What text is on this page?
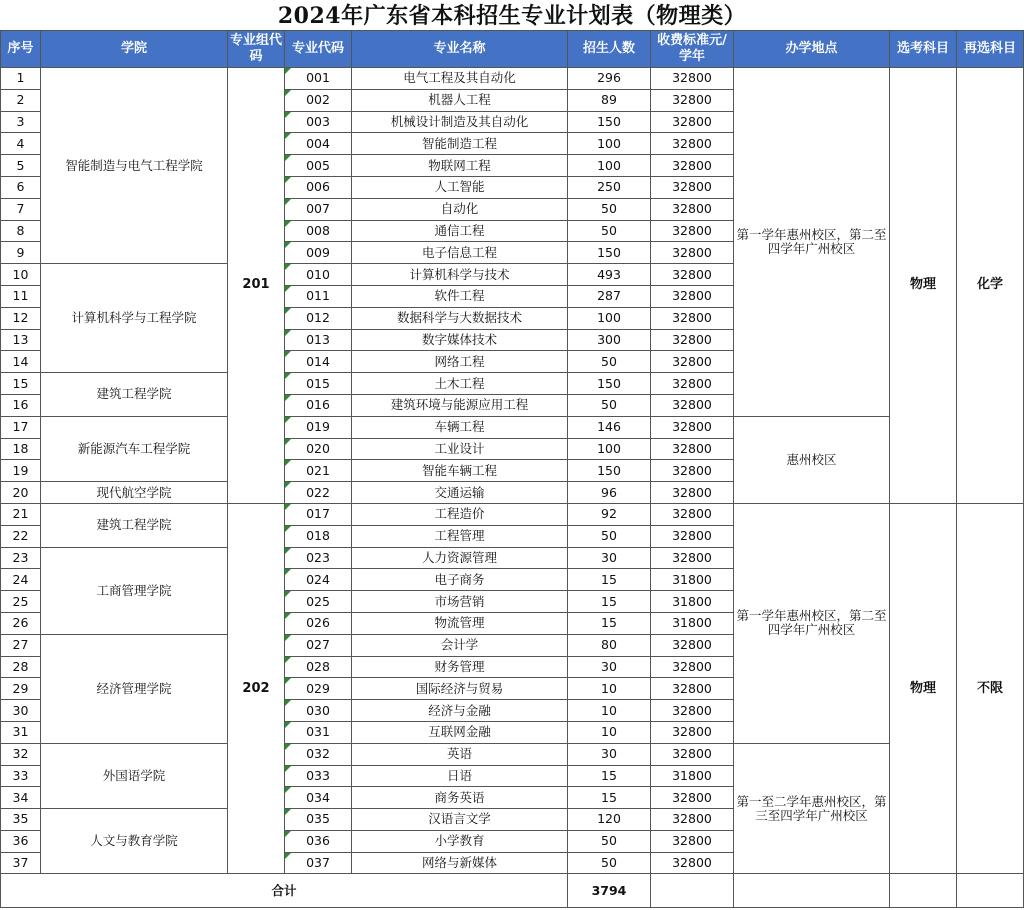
2024年广东省本科招生专业计划表（物理类）
序号	学院	专业组代码	专业代码	专业名称	招生人数	收费标准元/学年	办学地点	选考科目	再选科目
1	智能制造与电气工程学院	201	001	电气工程及其自动化	296	32800	第一学年惠州校区，第二至四学年广州校区	物理	化学
2			002	机器人工程	89	32800			
3			003	机械设计制造及其自动化	150	32800			
4			004	智能制造工程	100	32800			
5			005	物联网工程	100	32800			
6			006	人工智能	250	32800			
7			007	自动化	50	32800			
8			008	通信工程	50	32800			
9			009	电子信息工程	150	32800			
10	计算机科学与工程学院		010	计算机科学与技术	493	32800			
11			011	软件工程	287	32800			
12			012	数据科学与大数据技术	100	32800			
13			013	数字媒体技术	300	32800			
14			014	网络工程	50	32800			
15	建筑工程学院		015	土木工程	150	32800			
16			016	建筑环境与能源应用工程	50	32800			
17	新能源汽车工程学院		019	车辆工程	146	32800	惠州校区		
18			020	工业设计	100	32800			
19			021	智能车辆工程	150	32800			
20	现代航空学院		022	交通运输	96	32800			
21	建筑工程学院	202	017	工程造价	92	32800	第一学年惠州校区，第二至四学年广州校区	物理	不限
22			018	工程管理	50	32800			
23	工商管理学院		023	人力资源管理	30	32800			
24			024	电子商务	15	31800			
25			025	市场营销	15	31800			
26			026	物流管理	15	31800			
27	经济管理学院		027	会计学	80	32800			
28			028	财务管理	30	32800			
29			029	国际经济与贸易	10	32800			
30			030	经济与金融	10	32800			
31			031	互联网金融	10	32800			
32	外国语学院		032	英语	30	32800	第一至二学年惠州校区，第三至四学年广州校区		
33			033	日语	15	31800			
34			034	商务英语	15	32800			
35	人文与教育学院		035	汉语言文学	120	32800			
36			036	小学教育	50	32800			
37			037	网络与新媒体	50	32800			
合计					3794				
